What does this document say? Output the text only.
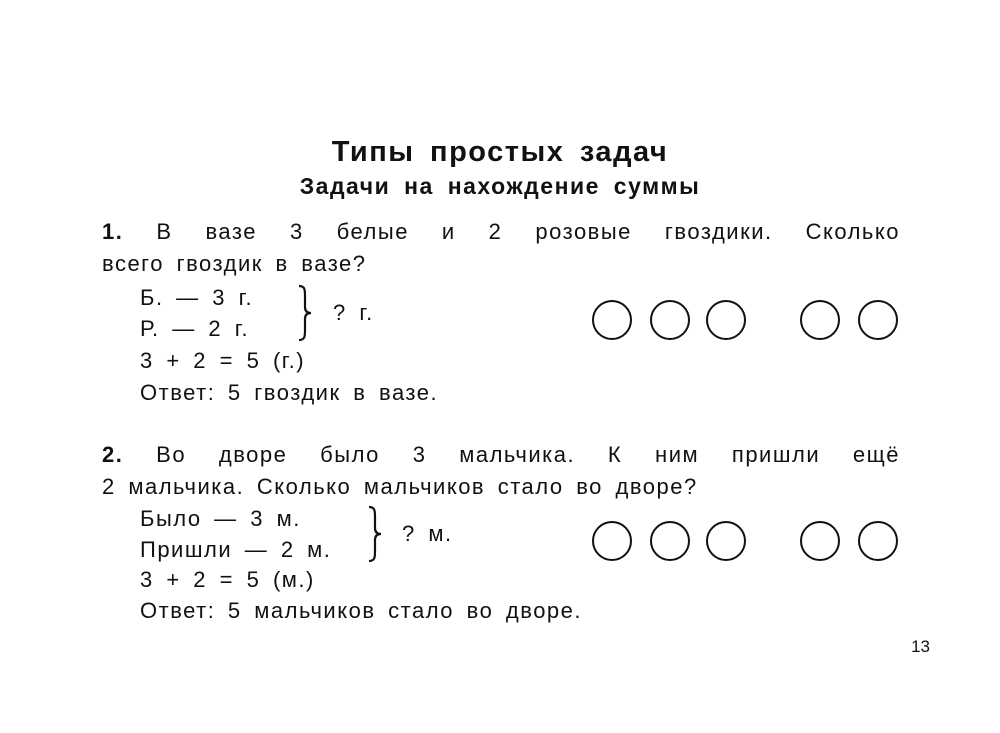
Типы простых задач
Задачи на нахождение суммы
1. В вазе 3 белые и 2 розовые гвоздики. Сколько
всего гвоздик в вазе?
Б. — 3 г.
Р. — 2 г.
? г.
3 + 2 = 5 (г.)
Ответ: 5 гвоздик в вазе.
2. Во дворе было 3 мальчика. К ним пришли ещё
2 мальчика. Сколько мальчиков стало во дворе?
Было — 3 м.
Пришли — 2 м.
? м.
3 + 2 = 5 (м.)
Ответ: 5 мальчиков стало во дворе.
13
